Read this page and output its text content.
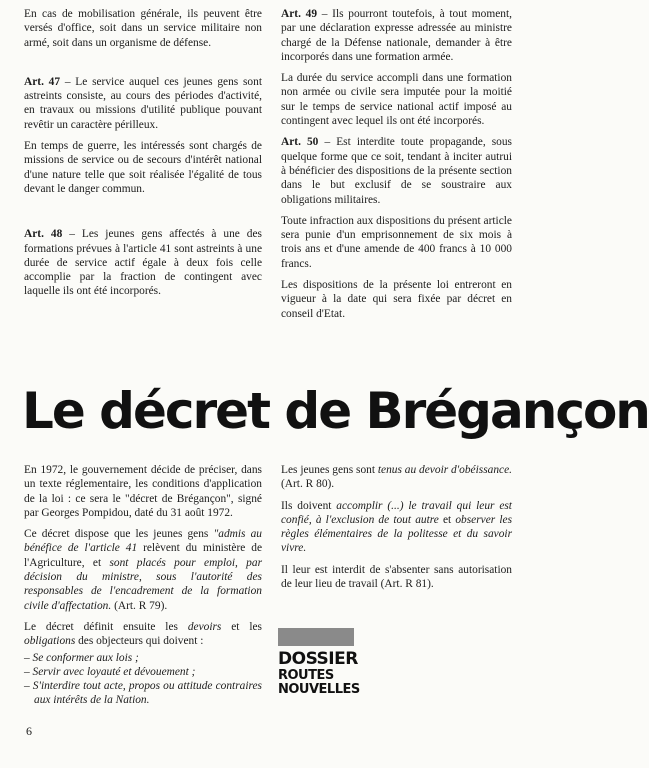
En cas de mobilisation générale, ils peuvent être versés d'office, soit dans un service militaire non armé, soit dans un organisme de défense.

Art. 47 – Le service auquel ces jeunes gens sont astreints consiste, au cours des périodes d'activité, en travaux ou missions d'utilité publique pouvant revêtir un caractère périlleux.

En temps de guerre, les intéressés sont chargés de missions de service ou de secours d'intérêt national d'une nature telle que soit réalisée l'égalité de tous devant le danger commun.

Art. 48 – Les jeunes gens affectés à une des formations prévues à l'article 41 sont astreints à une durée de service actif égale à deux fois celle accomplie par la fraction de contingent avec laquelle ils ont été incorporés.

Art. 49 – Ils pourront toutefois, à tout moment, par une déclaration expresse adressée au ministre chargé de la Défense nationale, demander à être incorporés dans une formation armée.

La durée du service accompli dans une formation non armée ou civile sera imputée pour la moitié sur le temps de service national actif imposé au contingent avec lequel ils ont été incorporés.

Art. 50 – Est interdite toute propagande, sous quelque forme que ce soit, tendant à inciter autrui à bénéficier des dispositions de la présente section dans le but exclusif de se soustraire aux obligations militaires.

Toute infraction aux dispositions du présent article sera punie d'un emprisonnement de six mois à trois ans et d'une amende de 400 francs à 10 000 francs.

Les dispositions de la présente loi entreront en vigueur à la date qui sera fixée par décret en conseil d'Etat.

Le décret de Brégançon

En 1972, le gouvernement décide de préciser, dans un texte réglementaire, les conditions d'application de la loi : ce sera le "décret de Brégançon", signé par Georges Pompidou, daté du 31 août 1972.

Ce décret dispose que les jeunes gens "admis au bénéfice de l'article 41 relèvent du ministère de l'Agriculture, et sont placés pour emploi, par décision du ministre, sous l'autorité des responsables de l'encadrement de la formation civile d'affectation. (Art. R 79).

Le décret définit ensuite les devoirs et les obligations des objecteurs qui doivent :

– Se conformer aux lois ;
– Servir avec loyauté et dévouement ;
– S'interdire tout acte, propos ou attitude contraires aux intérêts de la Nation.

Les jeunes gens sont tenus au devoir d'obéissance. (Art. R 80).

Ils doivent accomplir (...) le travail qui leur est confié, à l'exclusion de tout autre et observer les règles élémentaires de la politesse et du savoir vivre.

Il leur est interdit de s'absenter sans autorisation de leur lieu de travail (Art. R 81).

DOSSIER
ROUTES
NOUVELLES
6
